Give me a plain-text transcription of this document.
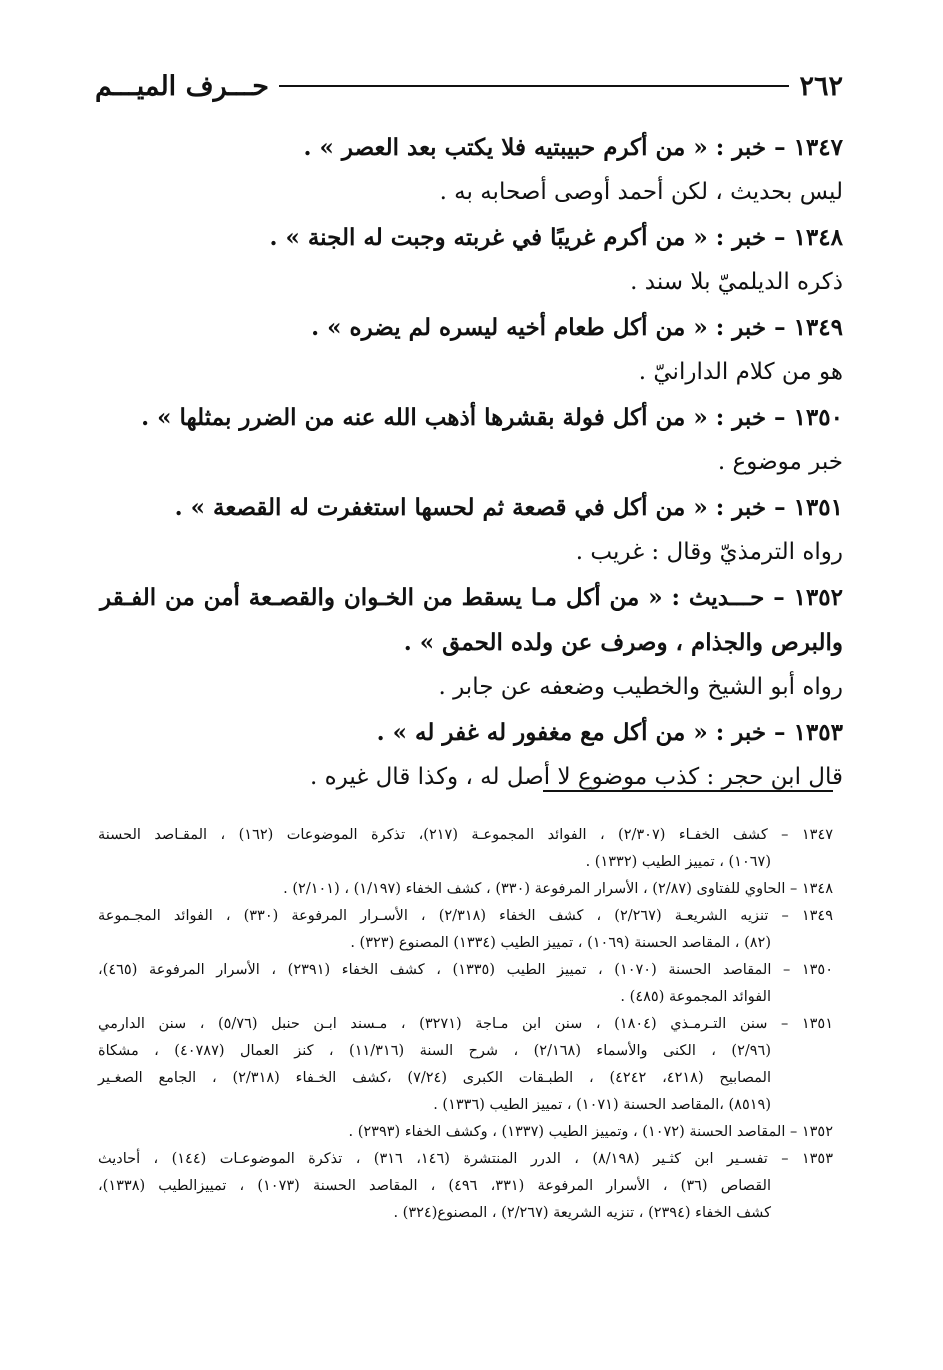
٢٦٢
حـــرف الميـــم
١٣٤٧ – خبر : « من أكرم حبيبتيه فلا يكتب بعد العصر » .
ليس بحديث ، لكن أحمد أوصى أصحابه به .
١٣٤٨ – خبر : « من أكرم غريبًا في غربته وجبت له الجنة » .
ذكره الديلميّ بلا سند .
١٣٤٩ – خبر : « من أكل طعام أخيه ليسره لم يضره » .
هو من كلام الدارانيّ .
١٣٥٠ – خبر : « من أكل فولة بقشرها أذهب الله عنه من الضرر بمثلها » .
خبر موضوع .
١٣٥١ – خبر : « من أكل في قصعة ثم لحسها استغفرت له القصعة » .
رواه الترمذيّ وقال : غريب .
١٣٥٢ – حـــديث : « من أكل مـا يسقط من الخـوان والقصـعة أمن من الفـقر
والبرص والجذام ، وصرف عن ولده الحمق » .
رواه أبو الشيخ والخطيب وضعفه عن جابر .
١٣٥٣ – خبر : « من أكل مع مغفور له غفر له » .
قال ابن حجر : كذب موضوع لا أصل له ، وكذا قال غيره .
١٣٤٧ – كشف الخفـاء (٢/٣٠٧) ، الفوائد المجموعـة (٢١٧)، تذكرة الموضوعات (١٦٢) ، المقـاصد الحسنة
(١٠٦٧) ، تمييز الطيب (١٣٣٢) .
١٣٤٨ – الحاوي للفتاوى (٢/٨٧) ، الأسرار المرفوعة (٣٣٠) ، كشف الخفاء (١/١٩٧) ، (٢/١٠١) .
١٣٤٩ – تنزيه الشريعـة (٢/٢٦٧) ، كشف الخفاء (٢/٣١٨) ، الأسـرار المرفوعة (٣٣٠) ، الفوائد المجـموعة
(٨٢) ، المقاصد الحسنة (١٠٦٩) ، تمييز الطيب (١٣٣٤) المصنوع (٣٢٣) .
١٣٥٠ – المقاصد الحسنة (١٠٧٠) ، تمييز الطيب (١٣٣٥) ، كشف الخفاء (٢٣٩١) ، الأسرار المرفوعة (٤٦٥)،
الفوائد المجموعة (٤٨٥) .
١٣٥١ – سنن التـرمـذي (١٨٠٤) ، سنن ابن مـاجة (٣٢٧١) ، مـسند ابـن حنبل (٥/٧٦) ، سنن الدارمي
(٢/٩٦) ، الكنى والأسماء (٢/١٦٨) ، شرح السنة (١١/٣١٦) ، كنز العمال (٤٠٧٨٧) ، مشكاة
المصابيح (٤٢١٨، ٤٢٤٢) ، الطبـقات الكبرى (٧/٢٤) ،كشف الخـفاء (٢/٣١٨) ، الجامع الصغـير
(٨٥١٩) ،المقاصد الحسنة (١٠٧١) ، تمييز الطيب (١٣٣٦) .
١٣٥٢ – المقاصد الحسنة (١٠٧٢) ، وتمييز الطيب (١٣٣٧) ، وكشف الخفاء (٢٣٩٣) .
١٣٥٣ – تفسـير ابن كثـير (٨/١٩٨) ، الدرر المنتشرة (١٤٦، ٣١٦) ، تذكرة الموضوعـات (١٤٤) ، أحاديث
القصاص (٣٦) ، الأسرار المرفوعة (٣٣١، ٤٩٦) ، المقاصد الحسنة (١٠٧٣) ، تمييزالطيب (١٣٣٨)،
كشف الخفاء (٢٣٩٤) ، تنزيه الشريعة (٢/٢٦٧) ، المصنوع(٣٢٤) .
